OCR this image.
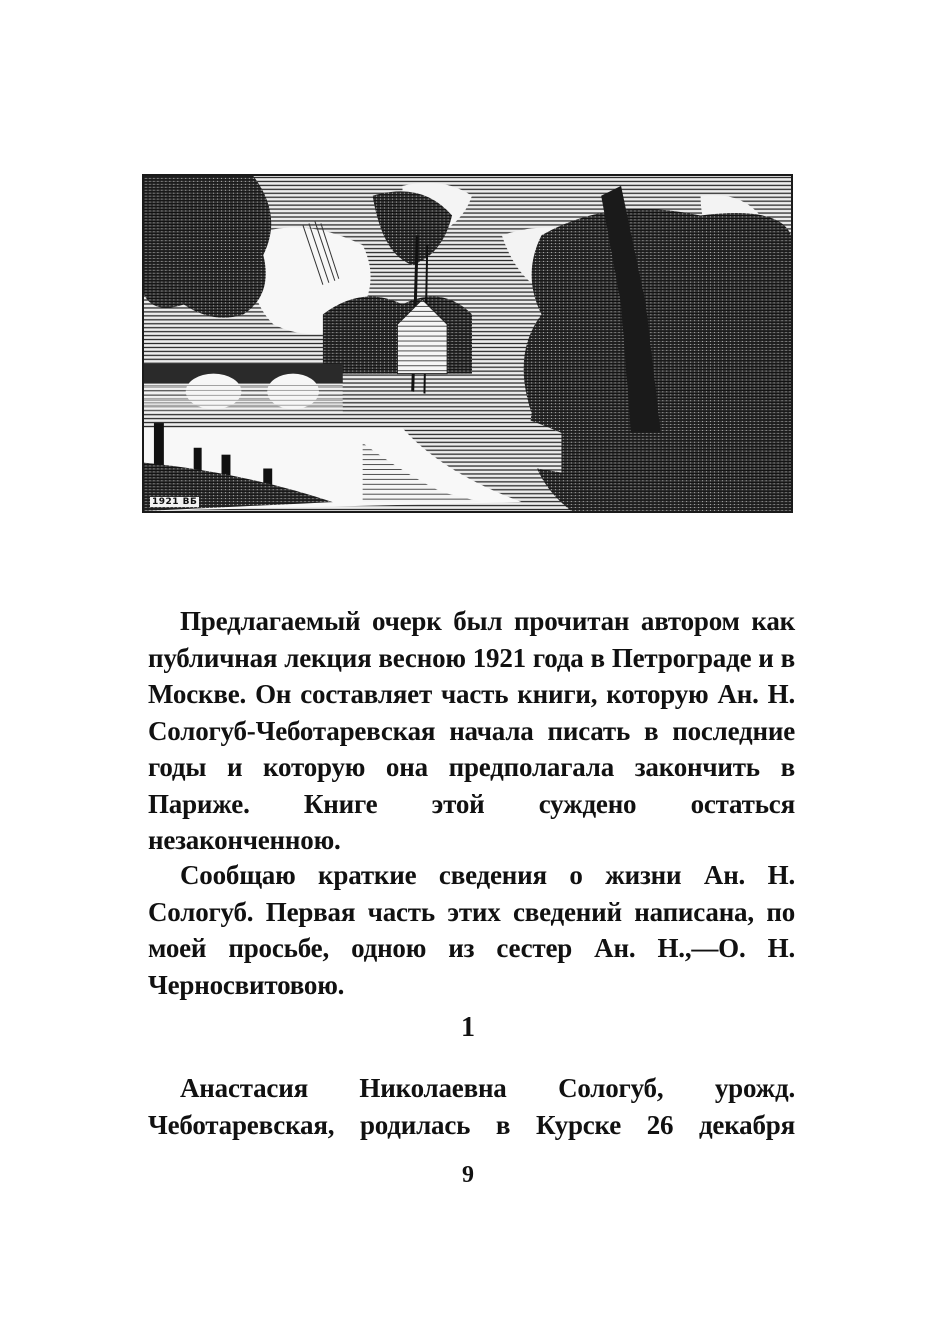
1921 ВБ

Предлагаемый очерк был прочитан автором как публичная лекция весною 1921 года в Петрограде и в Москве. Он составляет часть книги, которую Ан. Н. Сологуб-Чеботаревская начала писать в последние годы и которую она предполагала закончить в Париже. Книге этой суждено остаться незаконченною.

Сообщаю краткие сведения о жизни Ан. Н. Сологуб. Первая часть этих сведений написана, по моей просьбе, одною из сестер Ан. Н.,—О. Н. Черносвитовою.

1

Анастасия Николаевна Сологуб, урожд. Чеботаревская, родилась в Курске 26 декабря

9
